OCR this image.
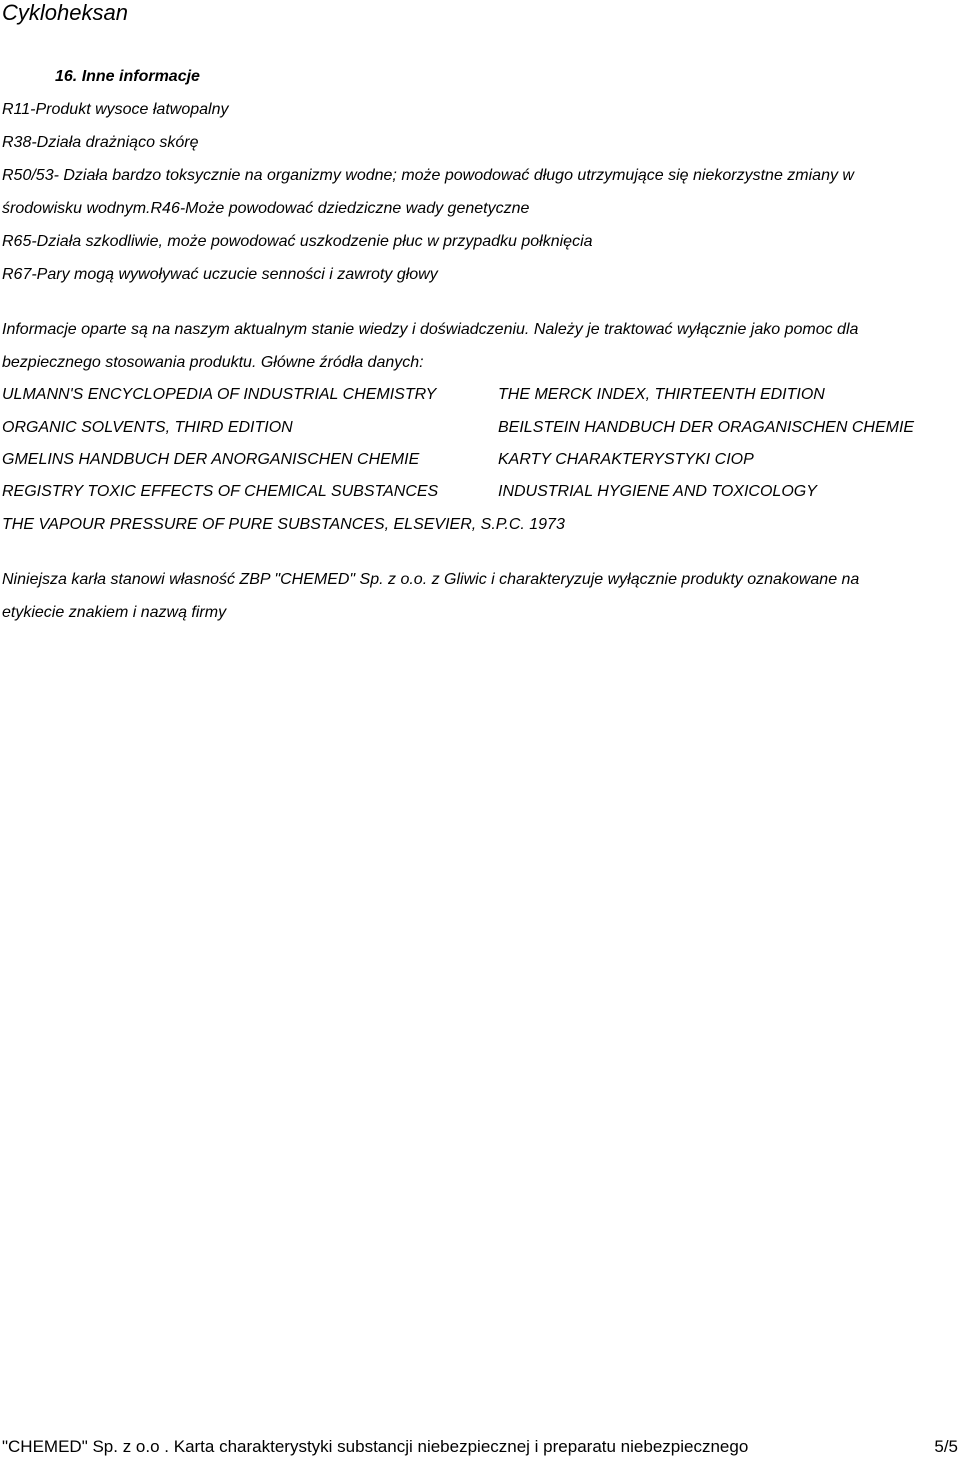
Cykloheksan
16. Inne informacje
R11-Produkt wysoce łatwopalny
R38-Działa drażniąco skórę
R50/53- Działa bardzo toksycznie na organizmy wodne; może powodować długo utrzymujące się niekorzystne zmiany w
środowisku wodnym.R46-Może powodować dziedziczne wady genetyczne
R65-Działa szkodliwie, może powodować uszkodzenie płuc w przypadku połknięcia
R67-Pary mogą wywoływać uczucie senności i zawroty głowy
Informacje oparte są na naszym aktualnym stanie wiedzy i doświadczeniu. Należy je traktować wyłącznie jako pomoc dla
bezpiecznego stosowania produktu. Główne źródła danych:
ULMANN'S ENCYCLOPEDIA OF INDUSTRIAL CHEMISTRY	THE MERCK INDEX, THIRTEENTH EDITION
ORGANIC SOLVENTS, THIRD EDITION	BEILSTEIN HANDBUCH DER ORAGANISCHEN CHEMIE
GMELINS HANDBUCH DER ANORGANISCHEN CHEMIE	KARTY CHARAKTERYSTYKI CIOP
REGISTRY TOXIC EFFECTS OF CHEMICAL SUBSTANCES	INDUSTRIAL HYGIENE AND TOXICOLOGY
THE VAPOUR PRESSURE OF PURE SUBSTANCES, ELSEVIER, S.P.C. 1973
Niniejsza karła stanowi własność ZBP "CHEMED" Sp. z o.o. z Gliwic i charakteryzuje wyłącznie produkty oznakowane na
etykiecie znakiem i nazwą firmy
"CHEMED" Sp. z o.o . Karta charakterystyki substancji niebezpiecznej i preparatu niebezpiecznego	5/5
